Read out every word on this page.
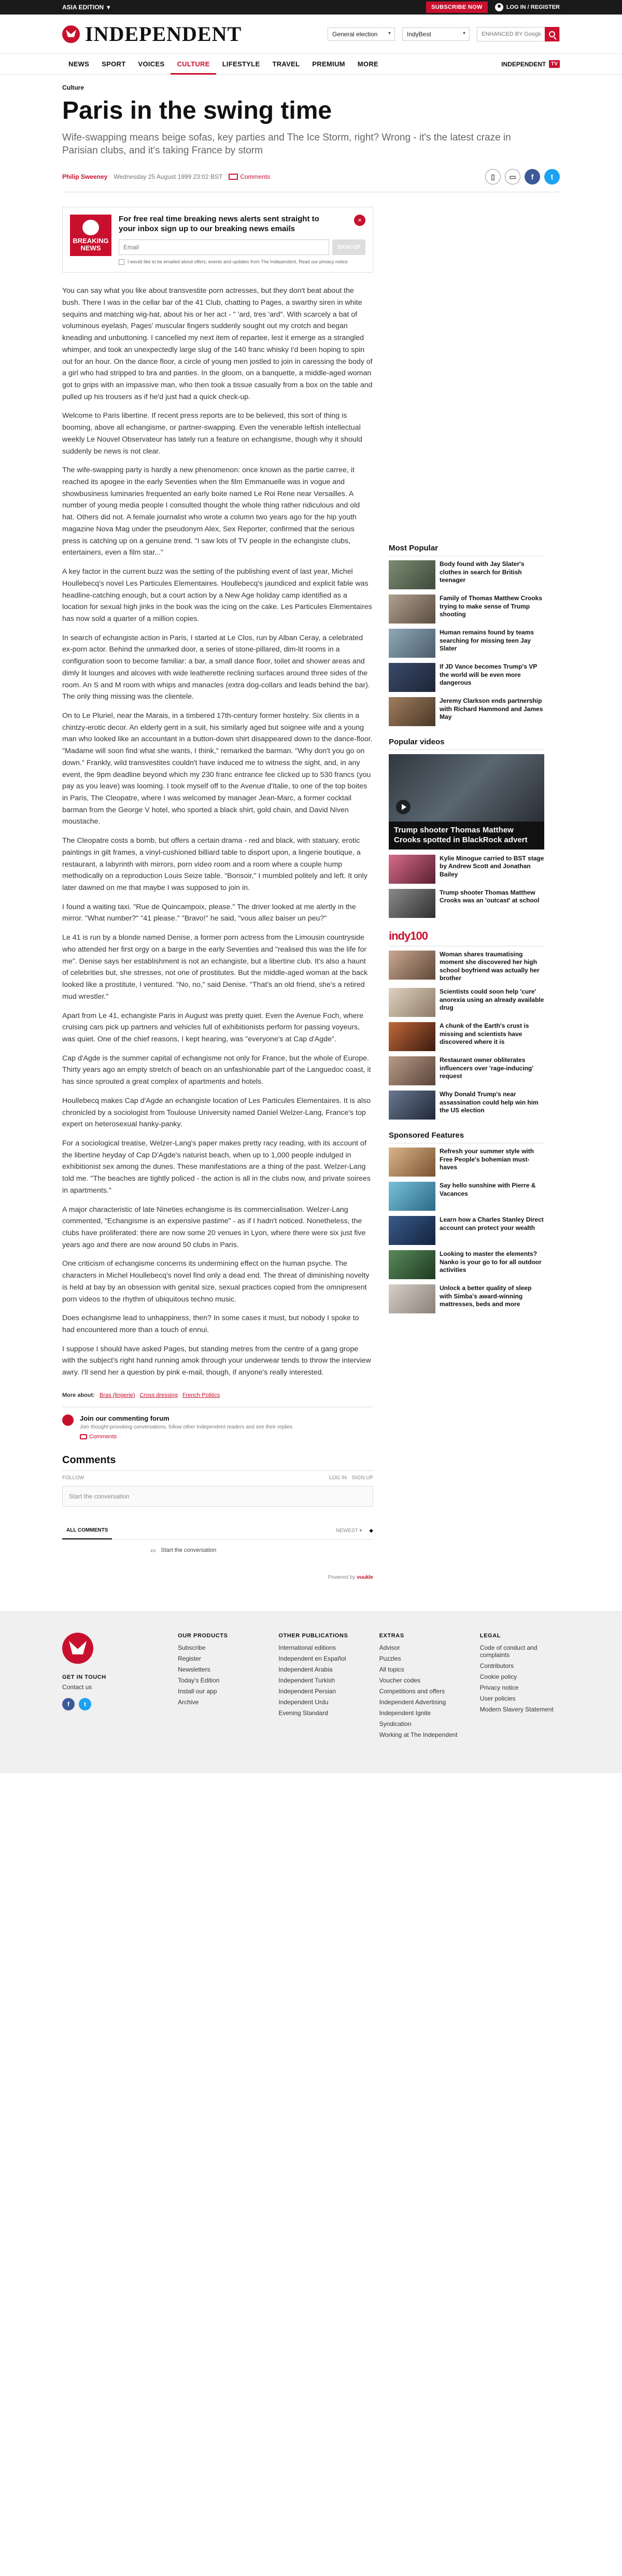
ASIA EDITION ▾	SUBSCRIBE NOW	LOG IN / REGISTER
INDEPENDENT	General election ▾	IndyBest ▾
ENHANCED BY Google
NEWS	SPORT	VOICES	CULTURE	LIFESTYLE	TRAVEL	PREMIUM	MORE	INDEPENDENT	TV
Culture
Paris in the swing time

Wife-swapping means beige sofas, key parties and The Ice Storm, right? Wrong - it's the latest craze in Parisian clubs, and it's taking France by storm

Philip Sweeney Wednesday 25 August 1999 23:02 BST	Comments	▯ ▭ f t
BREAKING NEWS
For free real time breaking news alerts sent straight to your inbox sign up to our breaking news emails
×
Email
SIGN UP
I would like to be emailed about offers, events and updates from The Independent. Read our privacy notice

You can say what you like about transvestite porn actresses, but they don't beat about the bush. There I was in the cellar bar of the 41 Club, chatting to Pages, a swarthy siren in white sequins and matching wig-hat, about his or her act - " 'ard, tres 'ard". With scarcely a bat of voluminous eyelash, Pages' muscular fingers suddenly sought out my crotch and began kneading and unbuttoning. I cancelled my next item of repartee, lest it emerge as a strangled whimper, and took an unexpectedly large slug of the 140 franc whisky I'd been hoping to spin out for an hour. On the dance floor, a circle of young men jostled to join in caressing the body of a girl who had stripped to bra and panties. In the gloom, on a banquette, a middle-aged woman got to grips with an impassive man, who then took a tissue casually from a box on the table and pulled up his trousers as if he'd just had a quick check-up.

Welcome to Paris libertine. If recent press reports are to be believed, this sort of thing is booming, above all echangisme, or partner-swapping. Even the venerable leftish intellectual weekly Le Nouvel Observateur has lately run a feature on echangisme, though why it should suddenly be news is not clear.

The wife-swapping party is hardly a new phenomenon: once known as the partie carree, it reached its apogee in the early Seventies when the film Emmanuelle was in vogue and showbusiness luminaries frequented an early boite named Le Roi Rene near Versailles. A number of young media people I consulted thought the whole thing rather ridiculous and old hat. Others did not. A female journalist who wrote a column two years ago for the hip youth magazine Nova Mag under the pseudonym Alex, Sex Reporter, confirmed that the serious press is catching up on a genuine trend. "I saw lots of TV people in the echangiste clubs, entertainers, even a film star..."

A key factor in the current buzz was the setting of the publishing event of last year, Michel Houllebecq's novel Les Particules Elementaires. Houllebecq's jaundiced and explicit fable was headline-catching enough, but a court action by a New Age holiday camp identified as a location for sexual high jinks in the book was the icing on the cake. Les Particules Elementaires has now sold a quarter of a million copies.

In search of echangiste action in Paris, I started at Le Clos, run by Alban Ceray, a celebrated ex-porn actor. Behind the unmarked door, a series of stone-pillared, dim-lit rooms in a configuration soon to become familiar: a bar, a small dance floor, toilet and shower areas and dimly lit lounges and alcoves with wide leatherette reclining surfaces around three sides of the room. An S and M room with whips and manacles (extra dog-collars and leads behind the bar). The only thing missing was the clientele.

On to Le Pluriel, near the Marais, in a timbered 17th-century former hostelry. Six clients in a chintzy-erotic decor. An elderly gent in a suit, his similarly aged but soignee wife and a young man who looked like an accountant in a button-down shirt disappeared down to the dance-floor. "Madame will soon find what she wants, I think," remarked the barman. "Why don't you go on down." Frankly, wild transvestites couldn't have induced me to witness the sight, and, in any event, the 9pm deadline beyond which my 230 franc entrance fee clicked up to 530 francs (you pay as you leave) was looming. I took myself off to the Avenue d'Italie, to one of the top boites in Paris, The Cleopatre, where I was welcomed by manager Jean-Marc, a former cocktail barman from the George V hotel, who sported a black shirt, gold chain, and David Niven moustache.

The Cleopatre costs a bomb, but offers a certain drama - red and black, with statuary, erotic paintings in gilt frames, a vinyl-cushioned billiard table to disport upon, a lingerie boutique, a restaurant, a labyrinth with mirrors, porn video room and a room where a couple hump methodically on a reproduction Louis Seize table. "Bonsoir," I mumbled politely and left. It only later dawned on me that maybe I was supposed to join in.

I found a waiting taxi. "Rue de Quincampoix, please." The driver looked at me alertly in the mirror. "What number?" "41 please." "Bravo!" he said, "vous allez baiser un peu?"

Le 41 is run by a blonde named Denise, a former porn actress from the Limousin countryside who attended her first orgy on a barge in the early Seventies and "realised this was the life for me". Denise says her establishment is not an echangiste, but a libertine club. It's also a haunt of celebrities but, she stresses, not one of prostitutes. But the middle-aged woman at the back looked like a prostitute, I ventured. "No, no," said Denise. "That's an old friend, she's a retired mud wrestler."

Apart from Le 41, echangiste Paris in August was pretty quiet. Even the Avenue Foch, where cruising cars pick up partners and vehicles full of exhibitionists perform for passing voyeurs, was quiet. One of the chief reasons, I kept hearing, was "everyone's at Cap d'Agde".

Cap d'Agde is the summer capital of echangisme not only for France, but the whole of Europe. Thirty years ago an empty stretch of beach on an unfashionable part of the Languedoc coast, it has since sprouted a great complex of apartments and hotels.

Houllebecq makes Cap d'Agde an echangiste location of Les Particules Elementaires. It is also chronicled by a sociologist from Toulouse University named Daniel Welzer-Lang, France's top expert on heterosexual hanky-panky.

For a sociological treatise, Welzer-Lang's paper makes pretty racy reading, with its account of the libertine heyday of Cap D'Agde's naturist beach, when up to 1,000 people indulged in exhibitionist sex among the dunes. These manifestations are a thing of the past. Welzer-Lang told me. "The beaches are tightly policed - the action is all in the clubs now, and private soirees in apartments."

A major characteristic of late Nineties echangisme is its commercialisation. Welzer-Lang commented, "Echangisme is an expensive pastime" - as if I hadn't noticed. Nonetheless, the clubs have proliferated: there are now some 20 venues in Lyon, where there were six just five years ago and there are now around 50 clubs in Paris.

One criticism of echangisme concerns its undermining effect on the human psyche. The characters in Michel Houllebecq's novel find only a dead end. The threat of diminishing novelty is held at bay by an obsession with genital size, sexual practices copied from the omnipresent porn videos to the rhythm of ubiquitous techno music.

Does echangisme lead to unhappiness, then? In some cases it must, but nobody I spoke to had encountered more than a touch of ennui.

I suppose I should have asked Pages, but standing metres from the centre of a gang grope with the subject's right hand running amok through your underwear tends to throw the interview awry. I'll send her a question by pink e-mail, though, if anyone's really interested.

More about: Bras (lingerie) Cross dressing French Politics
Join our commenting forum

Join thought-provoking conversations, follow other Independent readers and see their replies

Comments
Comments
FOLLOW	LOG IN SIGN UP
Start the conversation
ALL COMMENTS	NEWEST ▾ ◆
▭ Start the conversation
Powered by vuukle
Most Popular
Body found with Jay Slater's clothes in search for British teenager
Family of Thomas Matthew Crooks trying to make sense of Trump shooting
Human remains found by teams searching for missing teen Jay Slater
If JD Vance becomes Trump's VP the world will be even more dangerous
Jeremy Clarkson ends partnership with Richard Hammond and James May
Popular videos
Trump shooter Thomas Matthew Crooks spotted in BlackRock advert
Kylie Minogue carried to BST stage by Andrew Scott and Jonathan Bailey
Trump shooter Thomas Matthew Crooks was an 'outcast' at school
indy100
Woman shares traumatising moment she discovered her high school boyfriend was actually her brother
Scientists could soon help 'cure' anorexia using an already available drug
A chunk of the Earth's crust is missing and scientists have discovered where it is
Restaurant owner obliterates influencers over 'rage-inducing' request
Why Donald Trump's near assassination could help win him the US election
Sponsored Features
Refresh your summer style with Free People's bohemian must-haves
Say hello sunshine with Pierre & Vacances
Learn how a Charles Stanley Direct account can protect your wealth
Looking to master the elements? Nanko is your go to for all outdoor activities
Unlock a better quality of sleep with Simba's award-winning mattresses, beds and more
GET IN TOUCH
Contact us
f	t
OUR PRODUCTS
Subscribe
Register
Newsletters
Today's Edition
Install our app
Archive
OTHER PUBLICATIONS
International editions
Independent en Español
Independent Arabia
Independent Turkish
Independent Persian
Independent Urdu
Evening Standard
EXTRAS
Advisor
Puzzles
All topics
Voucher codes
Competitions and offers
Independent Advertising
Independent Ignite
Syndication
Working at The Independent
LEGAL
Code of conduct and complaints
Contributors
Cookie policy
Privacy notice
User policies
Modern Slavery Statement
